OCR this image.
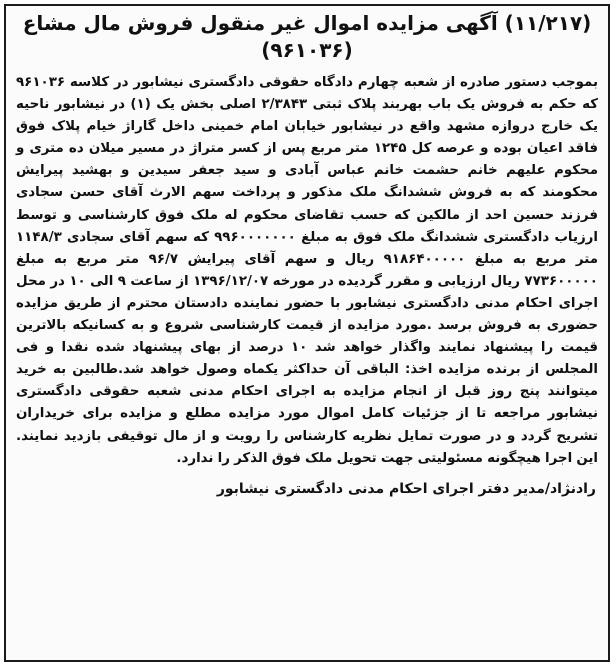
(۱۱/۲۱۷) آگهی مزایده اموال غیر منقول فروش مال مشاع (۹۶۱۰۳۶)
بموجب دستور صادره از شعبه چهارم دادگاه حقوقی دادگستری نیشابور در کلاسه ۹۶۱۰۳۶ که حکم به فروش یک باب بهربند پلاک ثبتی ۲/۳۸۴۳ اصلی بخش یک (۱) در نیشابور ناحیه یک خارج دروازه مشهد واقع در نیشابور خیابان امام خمینی داخل گاراژ خیام پلاک فوق فاقد اعیان بوده و عرصه کل ۱۲۴۵ متر مربع پس از کسر متراژ در مسیر میلان ده متری و محکوم علیهم خانم حشمت خانم عباس آبادی و سید جعفر سیدین و بهشید پیرایش محکومند که به فروش ششدانگ ملک مذکور و پرداخت سهم الارث آقای حسن سجادی فرزند حسین احد از مالکین که حسب تقاضای محکوم له ملک فوق کارشناسی و توسط ارزیاب دادگستری ششدانگ ملک فوق به مبلغ ۹۹۶۰۰۰۰۰۰۰ که سهم آقای سجادی ۱۱۴۸/۳ متر مربع به مبلغ ۹۱۸۶۴۰۰۰۰۰ ریال و سهم آقای پیرایش ۹۶/۷ متر مربع به مبلغ ۷۷۳۶۰۰۰۰۰ ریال ارزیابی و مقرر گردیده در مورخه ۱۳۹۶/۱۲/۰۷ از ساعت ۹ الی ۱۰ در محل اجرای احکام مدنی دادگستری نیشابور با حضور نماینده دادستان محترم از طریق مزایده حضوری به فروش برسد .مورد مزایده از قیمت کارشناسی شروع و به کسانیکه بالاترین قیمت را پیشنهاد نمایند واگذار خواهد شد ۱۰ درصد از بهای پیشنهاد شده نقدا و فی المجلس از برنده مزایده اخذ: الباقی آن حداکثر یکماه وصول خواهد شد.طالبین به خرید میتوانند پنج روز قبل از انجام مزایده به اجرای احکام مدنی شعبه حقوقی دادگستری نیشابور مراجعه تا از جزئیات کامل اموال مورد مزایده مطلع و مزایده برای خریداران تشریح گردد و در صورت تمایل نظریه کارشناس را رویت و از مال توقیفی بازدید نمایند. این اجرا هیچگونه مسئولیتی جهت تحویل ملک فوق الذکر را ندارد.
رادنژاد/مدیر دفتر اجرای احکام مدنی دادگستری نیشابور
